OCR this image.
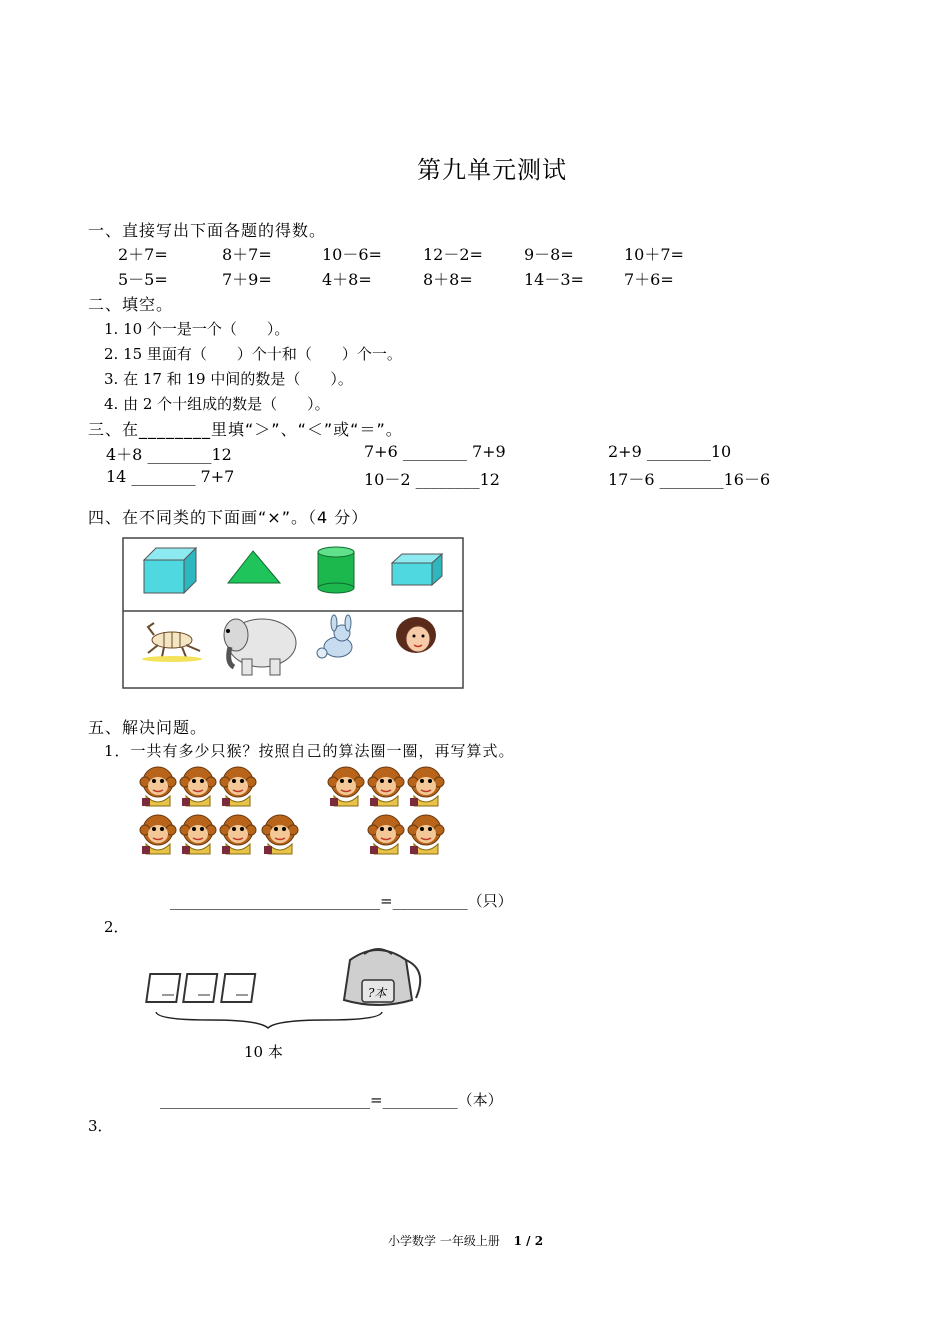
第九单元测试
一、直接写出下面各题的得数。
2＋7=	8＋7=	10－6=	12－2=	9－8=	10＋7=
5－5=	7＋9=	4＋8=	8＋8=	14－3=	7＋6=
二、填空。
1. 10 个一是一个（　　）。
2. 15 里面有（　　）个十和（　　）个一。
3. 在 17 和 19 中间的数是（　　）。
4. 由 2 个十组成的数是（　　）。
三、在________里填“＞”、“＜”或“＝”。
4＋8 ________12	7+6 ________ 7+9	2+9 ________10
14 ________ 7+7	10－2 ________12	17－6 ________16－6
四、在不同类的下面画“×”。（4 分）
五、解决问题。
1．一共有多少只猴？按照自己的算法圈一圈，再写算式。
____________________________=__________（只）
2．
?本
10 本
____________________________=__________（本）
3．
小学数学 一年级上册 1 / 2
